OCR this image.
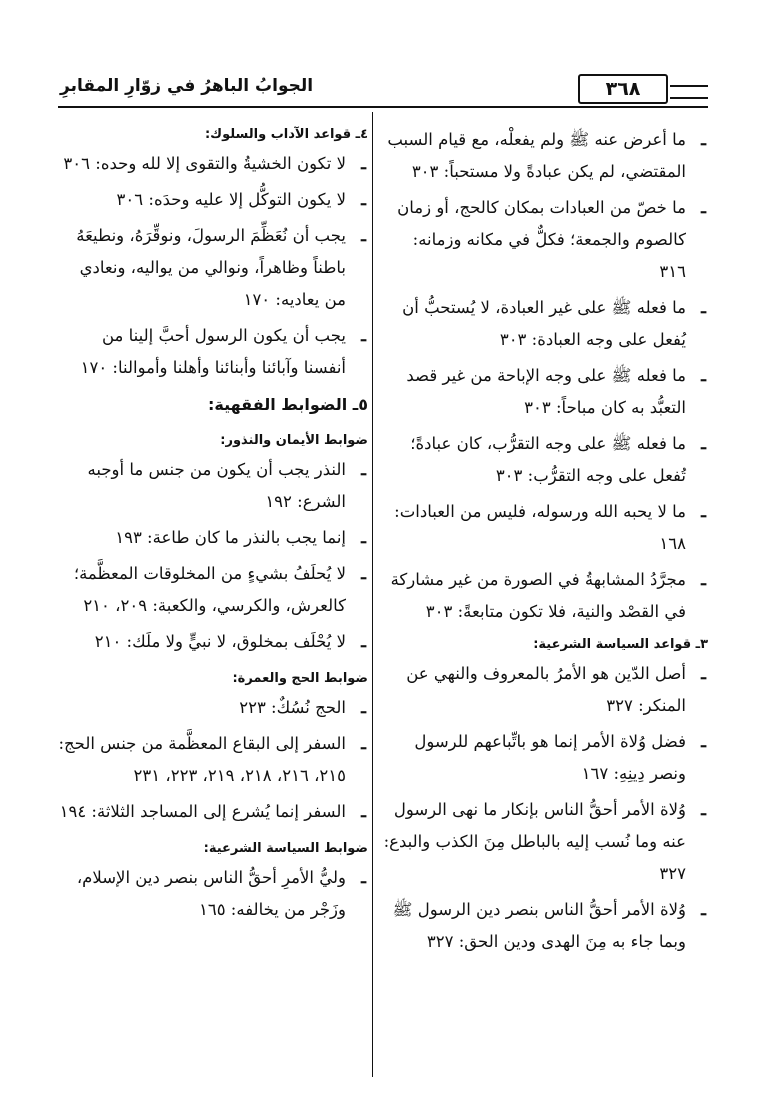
الجوابُ الباهرُ في زوّارِ المقابرِ	٣٦٨
ـ
ما أعرض عنه ﷺ ولم يفعلْه، مع قيام السبب المقتضي، لم يكن عبادةً ولا مستحباً: ٣٠٣
ـ
ما خصّ من العبادات بمكان كالحج، أو زمان كالصوم والجمعة؛ فكلٌّ في مكانه وزمانه: ٣١٦
ـ
ما فعله ﷺ على غير العبادة، لا يُستحبُّ أن يُفعل على وجه العبادة: ٣٠٣
ـ
ما فعله ﷺ على وجه الإباحة من غير قصد التعبُّد به كان مباحاً: ٣٠٣
ـ
ما فعله ﷺ على وجه التقرُّب، كان عبادةً؛ تُفعل على وجه التقرُّب: ٣٠٣
ـ
ما لا يحبه الله ورسوله، فليس من العبادات: ١٦٨
ـ
مجرَّدُ المشابهةُ في الصورة من غير مشاركة في القصْد والنية، فلا تكون متابعةً: ٣٠٣
٣ـ قواعد السياسة الشرعية:
ـ
أصل الدّين هو الأمرُ بالمعروف والنهي عن المنكر: ٣٢٧
ـ
فضل وُلاة الأمر إنما هو باتِّباعهم للرسول ونصر دِينِهِ: ١٦٧
ـ
وُلاة الأمر أحقُّ الناس بإنكار ما نهى الرسول عنه وما نُسب إليه بالباطل مِنَ الكذب والبدع: ٣٢٧
ـ
وُلاة الأمر أحقُّ الناس بنصر دين الرسول ﷺ وبما جاء به مِنَ الهدى ودين الحق: ٣٢٧
٤ـ قواعد الآداب والسلوك:
ـ
لا تكون الخشيةُ والتقوى إلا لله وحده: ٣٠٦
ـ
لا يكون التوكُّل إلا عليه وحدَه: ٣٠٦
ـ
يجب أن نُعَظِّمَ الرسولَ، ونوقِّرَهُ، ونطيعَهُ باطناً وظاهراً، ونوالي من يواليه، ونعادي من يعاديه: ١٧٠
ـ
يجب أن يكون الرسول أحبَّ إلينا من أنفسنا وآبائنا وأبنائنا وأهلنا وأموالنا: ١٧٠
٥ـ الضوابط الفقهية:
ضوابط الأيمان والنذور:
ـ
النذر يجب أن يكون من جنس ما أوجبه الشرع: ١٩٢
ـ
إنما يجب بالنذر ما كان طاعة: ١٩٣
ـ
لا يُحلَفُ بشيءٍ من المخلوقات المعظَّمة؛ كالعرش، والكرسي، والكعبة: ٢٠٩، ٢١٠
ـ
لا يُحْلَف بمخلوق، لا نبيٍّ ولا ملَك: ٢١٠
ضوابط الحج والعمرة:
ـ
الحج نُسُكٌ: ٢٢٣
ـ
السفر إلى البقاع المعظَّمة من جنس الحج: ٢١٥، ٢١٦، ٢١٨، ٢١٩، ٢٢٣، ٢٣١
ـ
السفر إنما يُشرع إلى المساجد الثلاثة: ١٩٤
ضوابط السياسة الشرعية:
ـ
وليُّ الأمرِ أحقُّ الناس بنصر دين الإسلام، وزَجْر من يخالفه: ١٦٥
